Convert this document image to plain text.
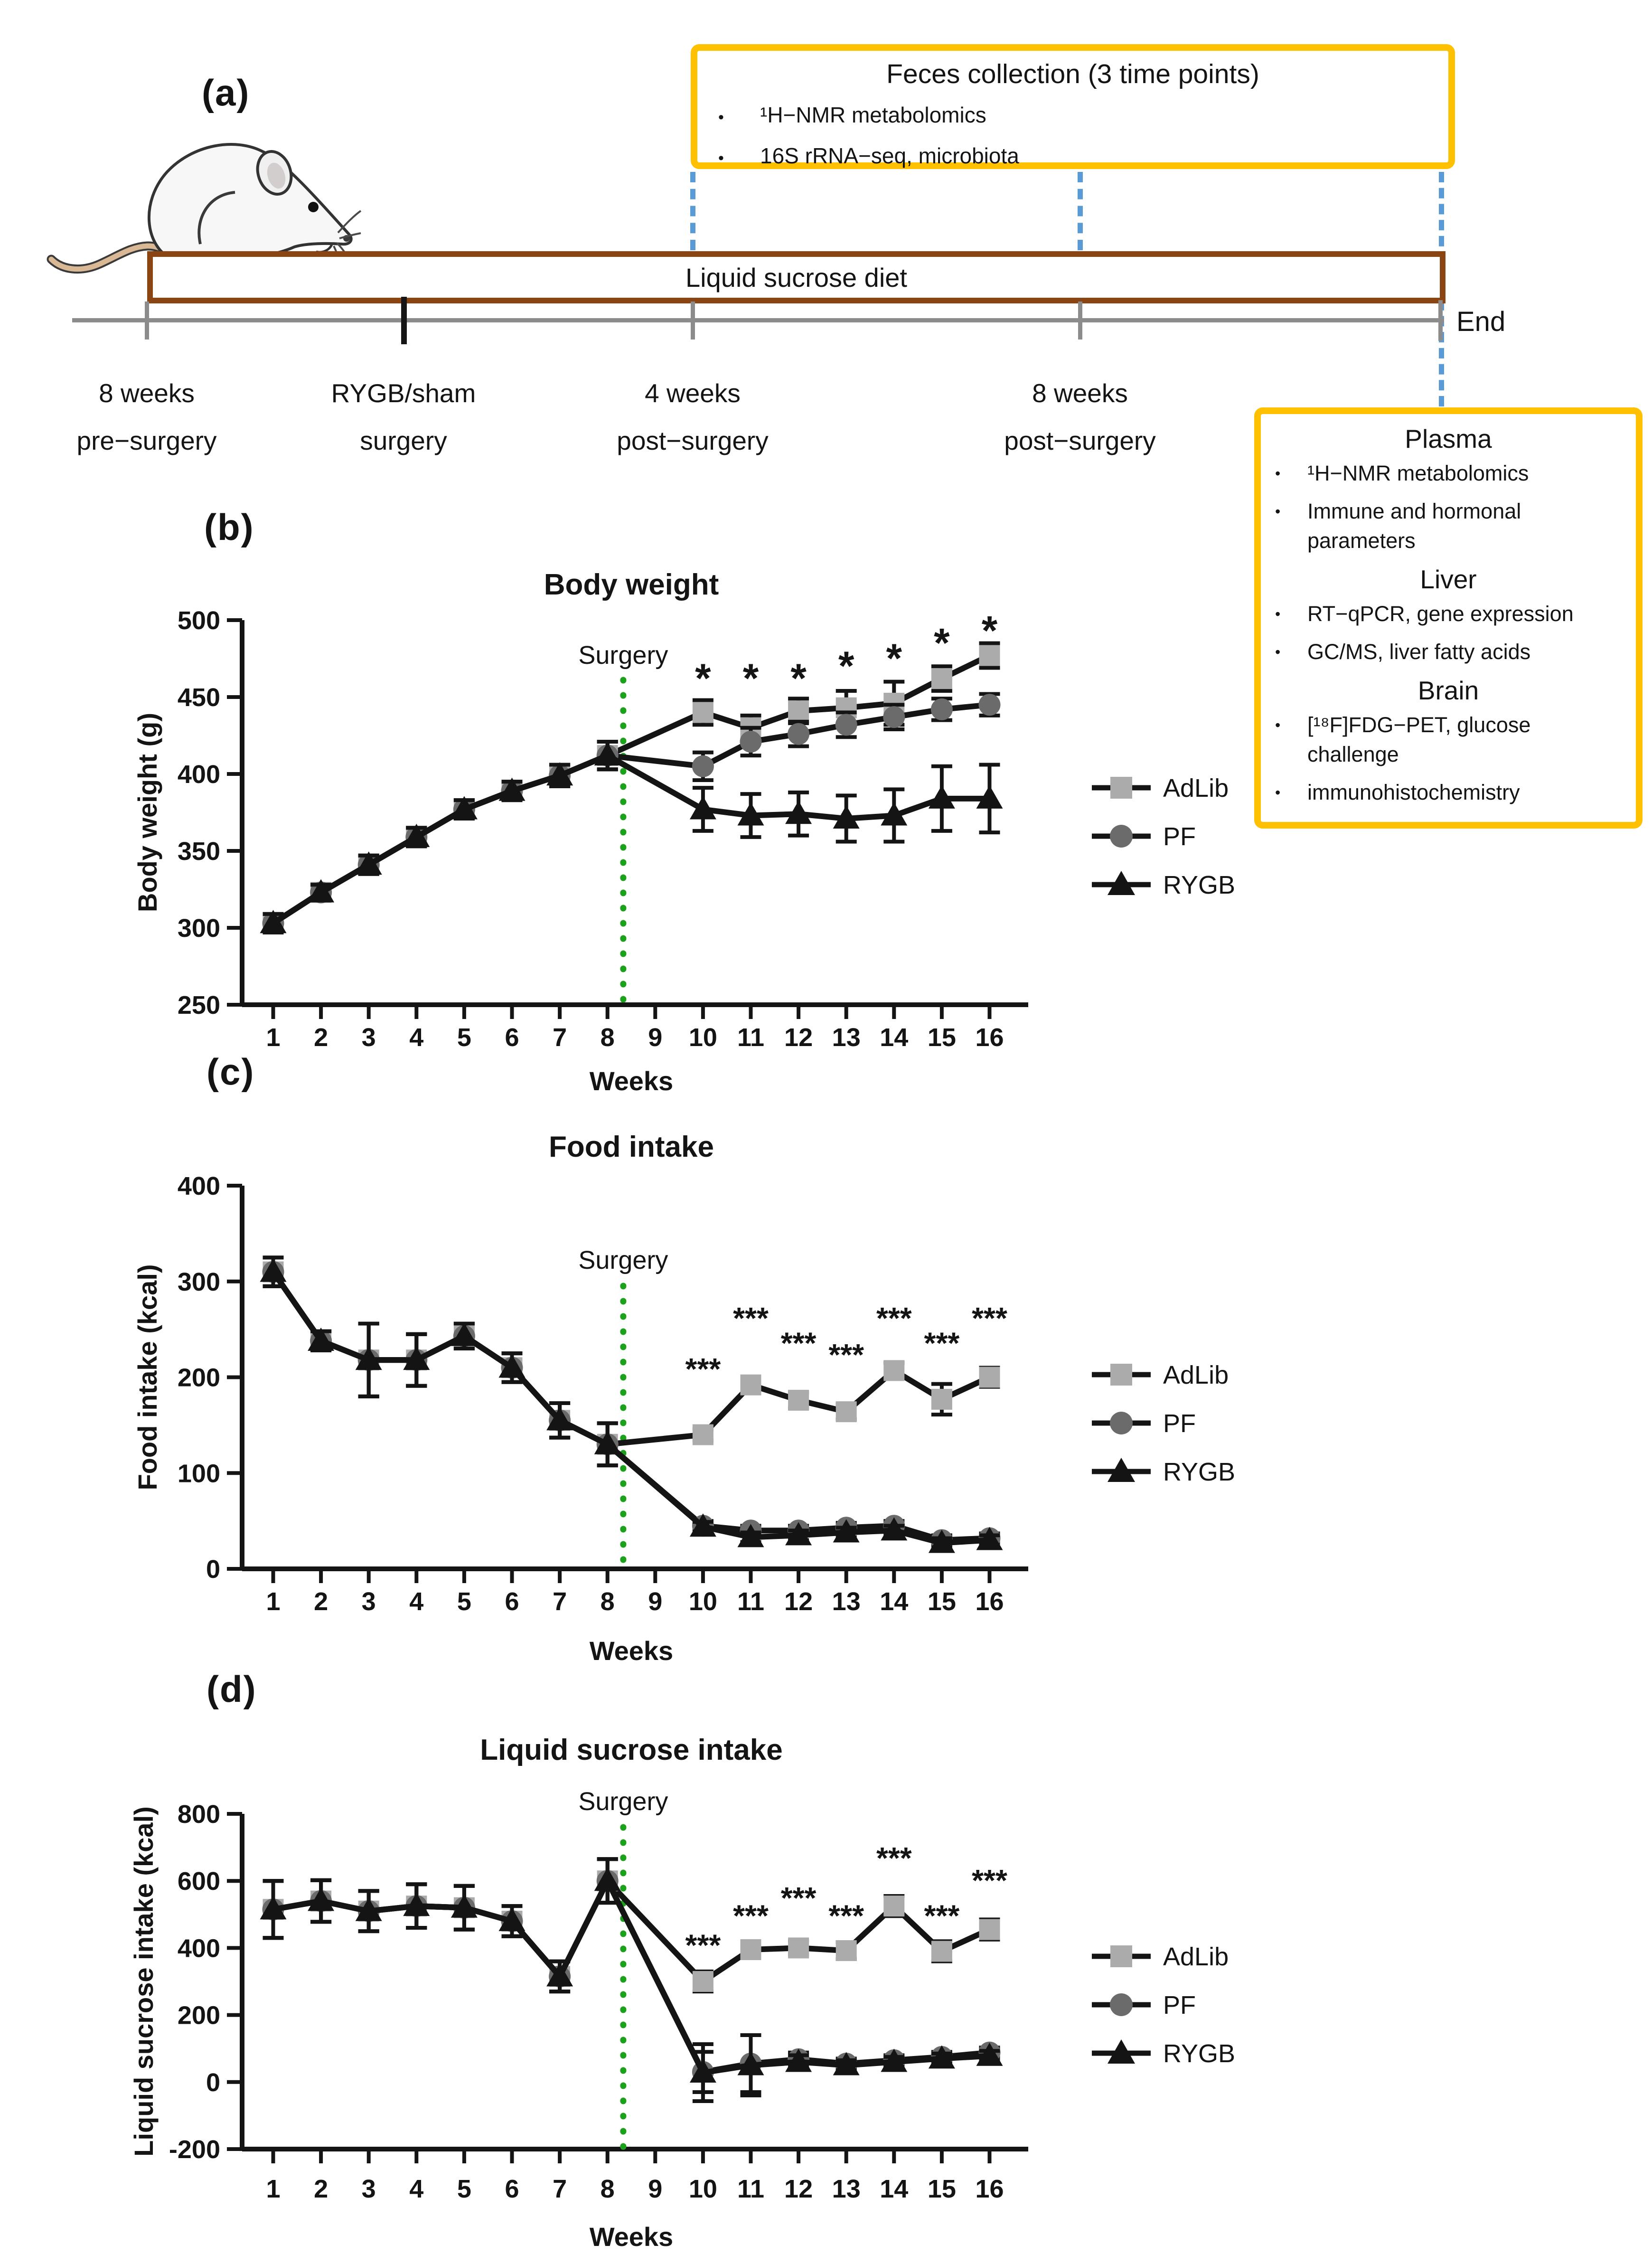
(a)	Feces collection (3 time points)
•	¹H−NMR metabolomics
•	16S rRNA−seq, microbiota
Liquid sucrose diet
End
Plasma
•	¹H−NMR metabolomics
•	Immune and hormonal parameters
Liver
•	RT−qPCR, gene expression
•	GC/MS, liver fatty acids
Brain
•	[¹⁸F]FDG−PET, glucose challenge
•	immunohistochemistry
(b)
250
300
350
400
450
500
1 2 3 4 5 6 7 8 9 10 11 12 13 14 15 16
Body weight
Weeks
Body weight (g)
Surgery
* * * * * * *
AdLib
PF
RYGB
(c)
0
100
200
300
400
1 2 3 4 5 6 7 8 9 10 11 12 13 14 15 16
Food intake
Weeks
Food intake (kcal)
Surgery
***
***
*** ***
***
***
***
AdLib
PF
RYGB
(d)
-200
0
200
400
600
800
1 2 3 4 5 6 7 8 9 10 11 12 13 14 15 16
Liquid sucrose intake
Weeks
Liquid sucrose intake (kcal)
Surgery
***
***
***
***
***
***
***
AdLib
PF
RYGB
8 weeks
pre−surgery
RYGB/sham
surgery
4 weeks
post−surgery
8 weeks
post−surgery
